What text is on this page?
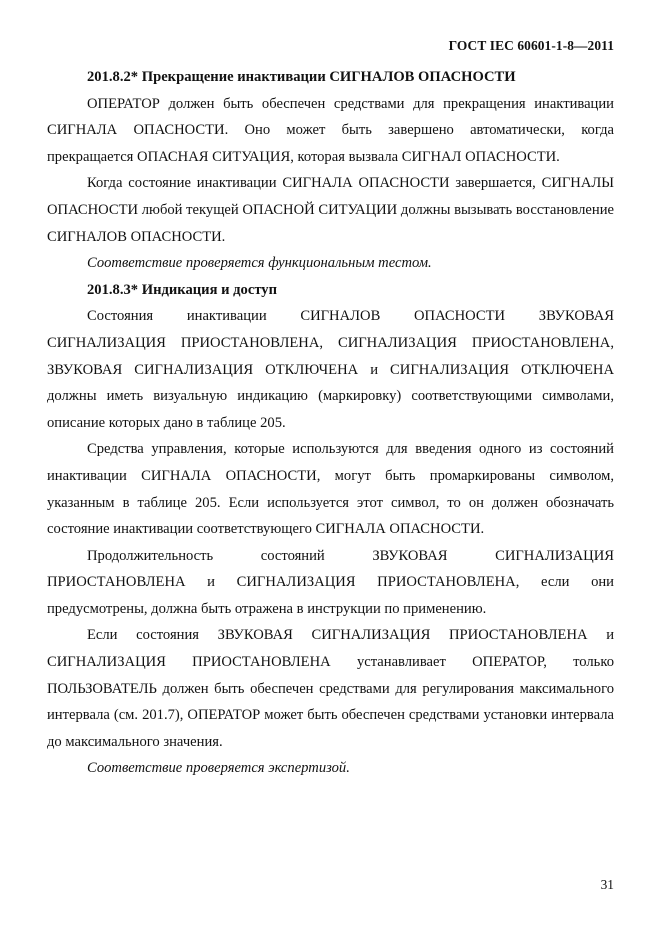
ГОСТ IEC 60601-1-8—2011

201.8.2* Прекращение инактивации СИГНАЛОВ ОПАСНОСТИ

ОПЕРАТОР должен быть обеспечен средствами для прекращения инактивации СИГНАЛА ОПАСНОСТИ. Оно может быть завершено автоматически, когда прекращается ОПАСНАЯ СИТУАЦИЯ, которая вызвала СИГНАЛ ОПАСНОСТИ.

Когда состояние инактивации СИГНАЛА ОПАСНОСТИ завершается, СИГНАЛЫ ОПАСНОСТИ любой текущей ОПАСНОЙ СИТУАЦИИ должны вызывать восстановление СИГНАЛОВ ОПАСНОСТИ.

Соответствие проверяется функциональным тестом.

201.8.3* Индикация и доступ

Состояния инактивации СИГНАЛОВ ОПАСНОСТИ ЗВУКОВАЯ СИГНАЛИЗАЦИЯ ПРИОСТАНОВЛЕНА, СИГНАЛИЗАЦИЯ ПРИОСТАНОВЛЕНА, ЗВУКОВАЯ СИГНАЛИЗАЦИЯ ОТКЛЮЧЕНА и СИГНАЛИЗАЦИЯ ОТКЛЮЧЕНА должны иметь визуальную индикацию (маркировку) соответствующими символами, описание которых дано в таблице 205.

Средства управления, которые используются для введения одного из состояний инактивации СИГНАЛА ОПАСНОСТИ, могут быть промаркированы символом, указанным в таблице 205. Если используется этот символ, то он должен обозначать состояние инактивации соответствующего СИГНАЛА ОПАСНОСТИ.

Продолжительность состояний ЗВУКОВАЯ СИГНАЛИЗАЦИЯ ПРИОСТАНОВЛЕНА и СИГНАЛИЗАЦИЯ ПРИОСТАНОВЛЕНА, если они предусмотрены, должна быть отражена в инструкции по применению.

Если состояния ЗВУКОВАЯ СИГНАЛИЗАЦИЯ ПРИОСТАНОВЛЕНА и СИГНАЛИЗАЦИЯ ПРИОСТАНОВЛЕНА устанавливает ОПЕРАТОР, только ПОЛЬЗОВАТЕЛЬ должен быть обеспечен средствами для регулирования максимального интервала (см. 201.7), ОПЕРАТОР может быть обеспечен средствами установки интервала до максимального значения.

Соответствие проверяется экспертизой.

31
